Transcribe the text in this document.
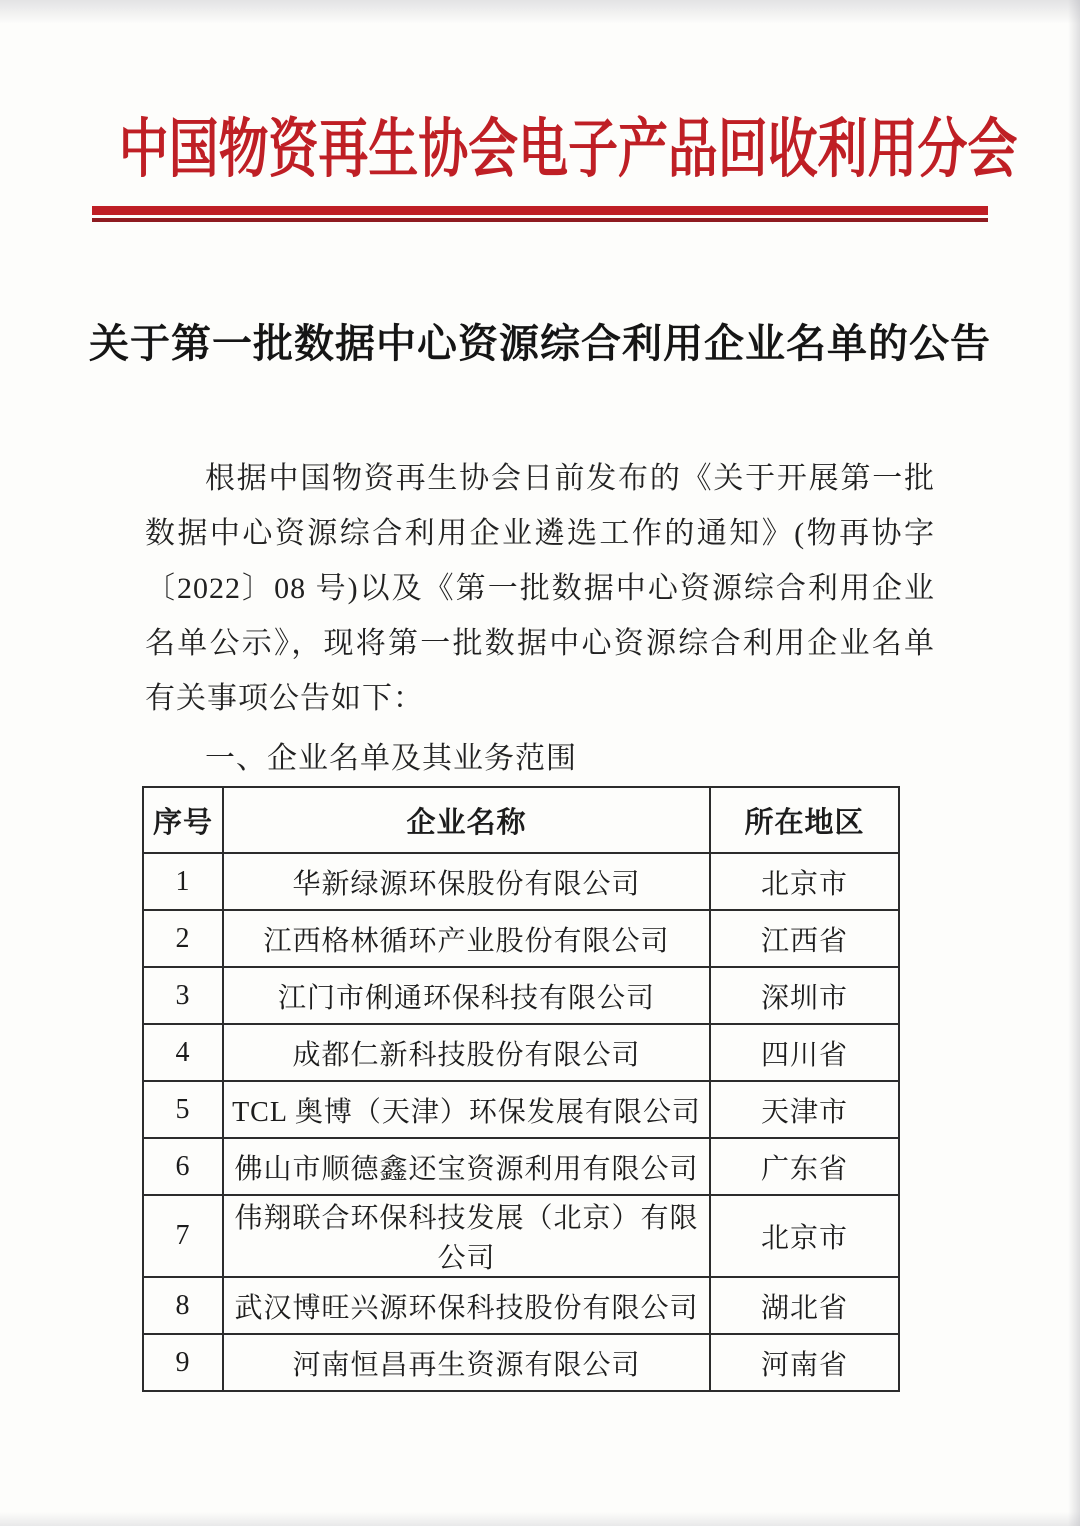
中国物资再生协会电子产品回收利用分会
关于第一批数据中心资源综合利用企业名单的公告

根据中国物资再生协会日前发布的《关于开展第一批数据中心资源综合利用企业遴选工作的通知》(物再协字〔2022〕08 号)以及《第一批数据中心资源综合利用企业名单公示》，现将第一批数据中心资源综合利用企业名单有关事项公告如下：

一、企业名单及其业务范围
序号	企业名称	所在地区
1	华新绿源环保股份有限公司	北京市
2	江西格林循环产业股份有限公司	江西省
3	江门市俐通环保科技有限公司	深圳市
4	成都仁新科技股份有限公司	四川省
5	TCL 奥博（天津）环保发展有限公司	天津市
6	佛山市顺德鑫还宝资源利用有限公司	广东省
7	伟翔联合环保科技发展（北京）有限公司	北京市
8	武汉博旺兴源环保科技股份有限公司	湖北省
9	河南恒昌再生资源有限公司	河南省
